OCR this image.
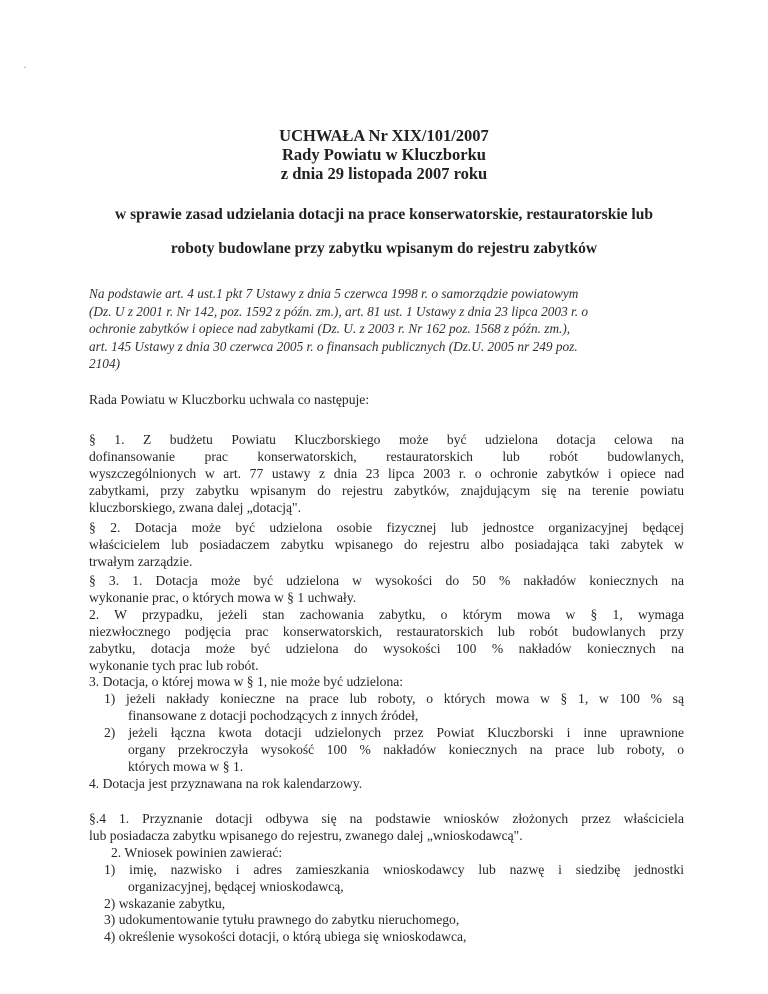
·
UCHWAŁA Nr XIX/101/2007
Rady Powiatu w Kluczborku
z dnia 29 listopada 2007 roku
w sprawie zasad udzielania dotacji na prace konserwatorskie, restauratorskie lub
roboty budowlane przy zabytku wpisanym do rejestru zabytków
Na podstawie art. 4 ust.1 pkt 7 Ustawy z dnia 5 czerwca 1998 r. o samorządzie powiatowym
(Dz. U z 2001 r. Nr 142, poz. 1592 z późn. zm.), art. 81 ust. 1 Ustawy z dnia 23 lipca 2003 r. o
ochronie zabytków i opiece nad zabytkami (Dz. U. z 2003 r. Nr 162 poz. 1568 z późn. zm.),
art. 145 Ustawy z dnia 30 czerwca 2005 r. o finansach publicznych (Dz.U. 2005 nr 249 poz.
2104)
Rada Powiatu w Kluczborku uchwala co następuje:
§ 1. Z budżetu Powiatu Kluczborskiego może być udzielona dotacja celowa na
dofinansowanie prac konserwatorskich, restauratorskich lub robót budowlanych,
wyszczególnionych w art. 77 ustawy z dnia 23 lipca 2003 r. o ochronie zabytków i opiece nad
zabytkami, przy zabytku wpisanym do rejestru zabytków, znajdującym się na terenie powiatu
kluczborskiego, zwana dalej „dotacją".
§ 2. Dotacja może być udzielona osobie fizycznej lub jednostce organizacyjnej będącej
właścicielem lub posiadaczem zabytku wpisanego do rejestru albo posiadająca taki zabytek w
trwałym zarządzie.
§ 3. 1. Dotacja może być udzielona w wysokości do 50 % nakładów koniecznych na
wykonanie prac, o których mowa w § 1 uchwały.
2. W przypadku, jeżeli stan zachowania zabytku, o którym mowa w § 1, wymaga
niezwłocznego podjęcia prac konserwatorskich, restauratorskich lub robót budowlanych przy
zabytku, dotacja może być udzielona do wysokości 100 % nakładów koniecznych na
wykonanie tych prac lub robót.
3. Dotacja, o której mowa w § 1, nie może być udzielona:
1) jeżeli nakłady konieczne na prace lub roboty, o których mowa w § 1, w 100 % są
finansowane z dotacji pochodzących z innych źródeł,
2) jeżeli łączna kwota dotacji udzielonych przez Powiat Kluczborski i inne uprawnione
organy przekroczyła wysokość 100 % nakładów koniecznych na prace lub roboty, o
których mowa w § 1.
4. Dotacja jest przyznawana na rok kalendarzowy.
§.4 1. Przyznanie dotacji odbywa się na podstawie wniosków złożonych przez właściciela
lub posiadacza zabytku wpisanego do rejestru, zwanego dalej „wnioskodawcą".
2. Wniosek powinien zawierać:
1) imię, nazwisko i adres zamieszkania wnioskodawcy lub nazwę i siedzibę jednostki
organizacyjnej, będącej wnioskodawcą,
2) wskazanie zabytku,
3) udokumentowanie tytułu prawnego do zabytku nieruchomego,
4) określenie wysokości dotacji, o którą ubiega się wnioskodawca,
